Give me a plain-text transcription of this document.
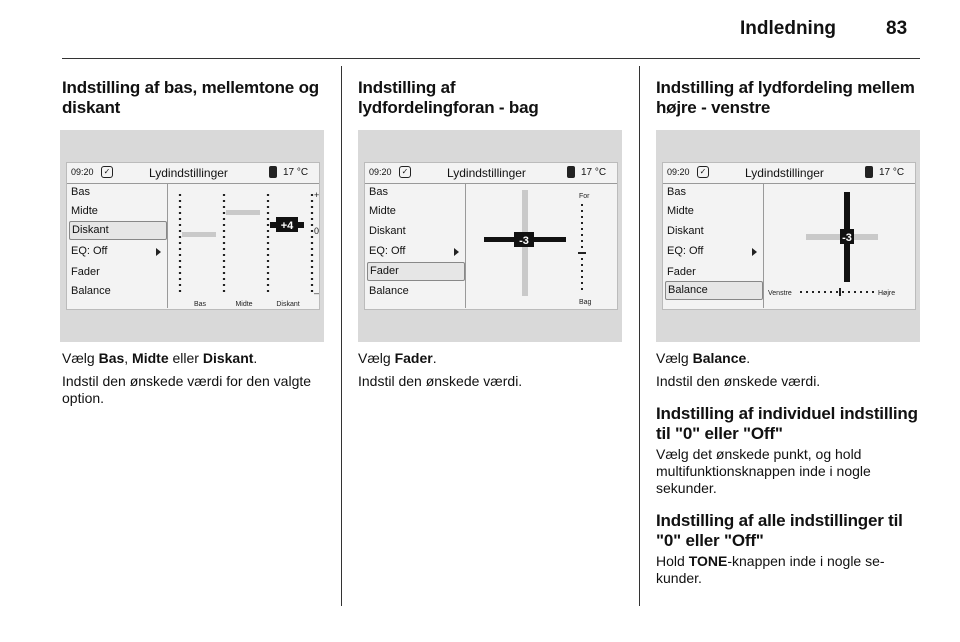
Indledning	83
Indstilling af bas, mellemtone og diskant
09:20	✓	Lydindstillinger	17 °C
Bas
Midte
Diskant
EQ: Off
Fader
Balance
+4
+
0
–
Bas	Midte	Diskant

Vælg Bas, Midte eller Diskant.

Indstil den ønskede værdi for den valgte option.

Indstilling af lydfordelingforan - bag
09:20	✓	Lydindstillinger	17 °C
Bas
Midte
Diskant
EQ: Off
Fader
Balance
-3
For
Bag

Vælg Fader.

Indstil den ønskede værdi.

Indstilling af lydfordeling mellem højre - venstre
09:20	✓	Lydindstillinger	17 °C
Bas
Midte
Diskant
EQ: Off
Fader
Balance
-3
Venstre	Højre

Vælg Balance.

Indstil den ønskede værdi.

Indstilling af individuel indstilling til "0" eller "Off"

Vælg det ønskede punkt, og hold multifunktionsknappen inde i nogle sekunder.

Indstilling af alle indstillinger til "0" eller "Off"

Hold TONE-knappen inde i nogle se-kunder.
